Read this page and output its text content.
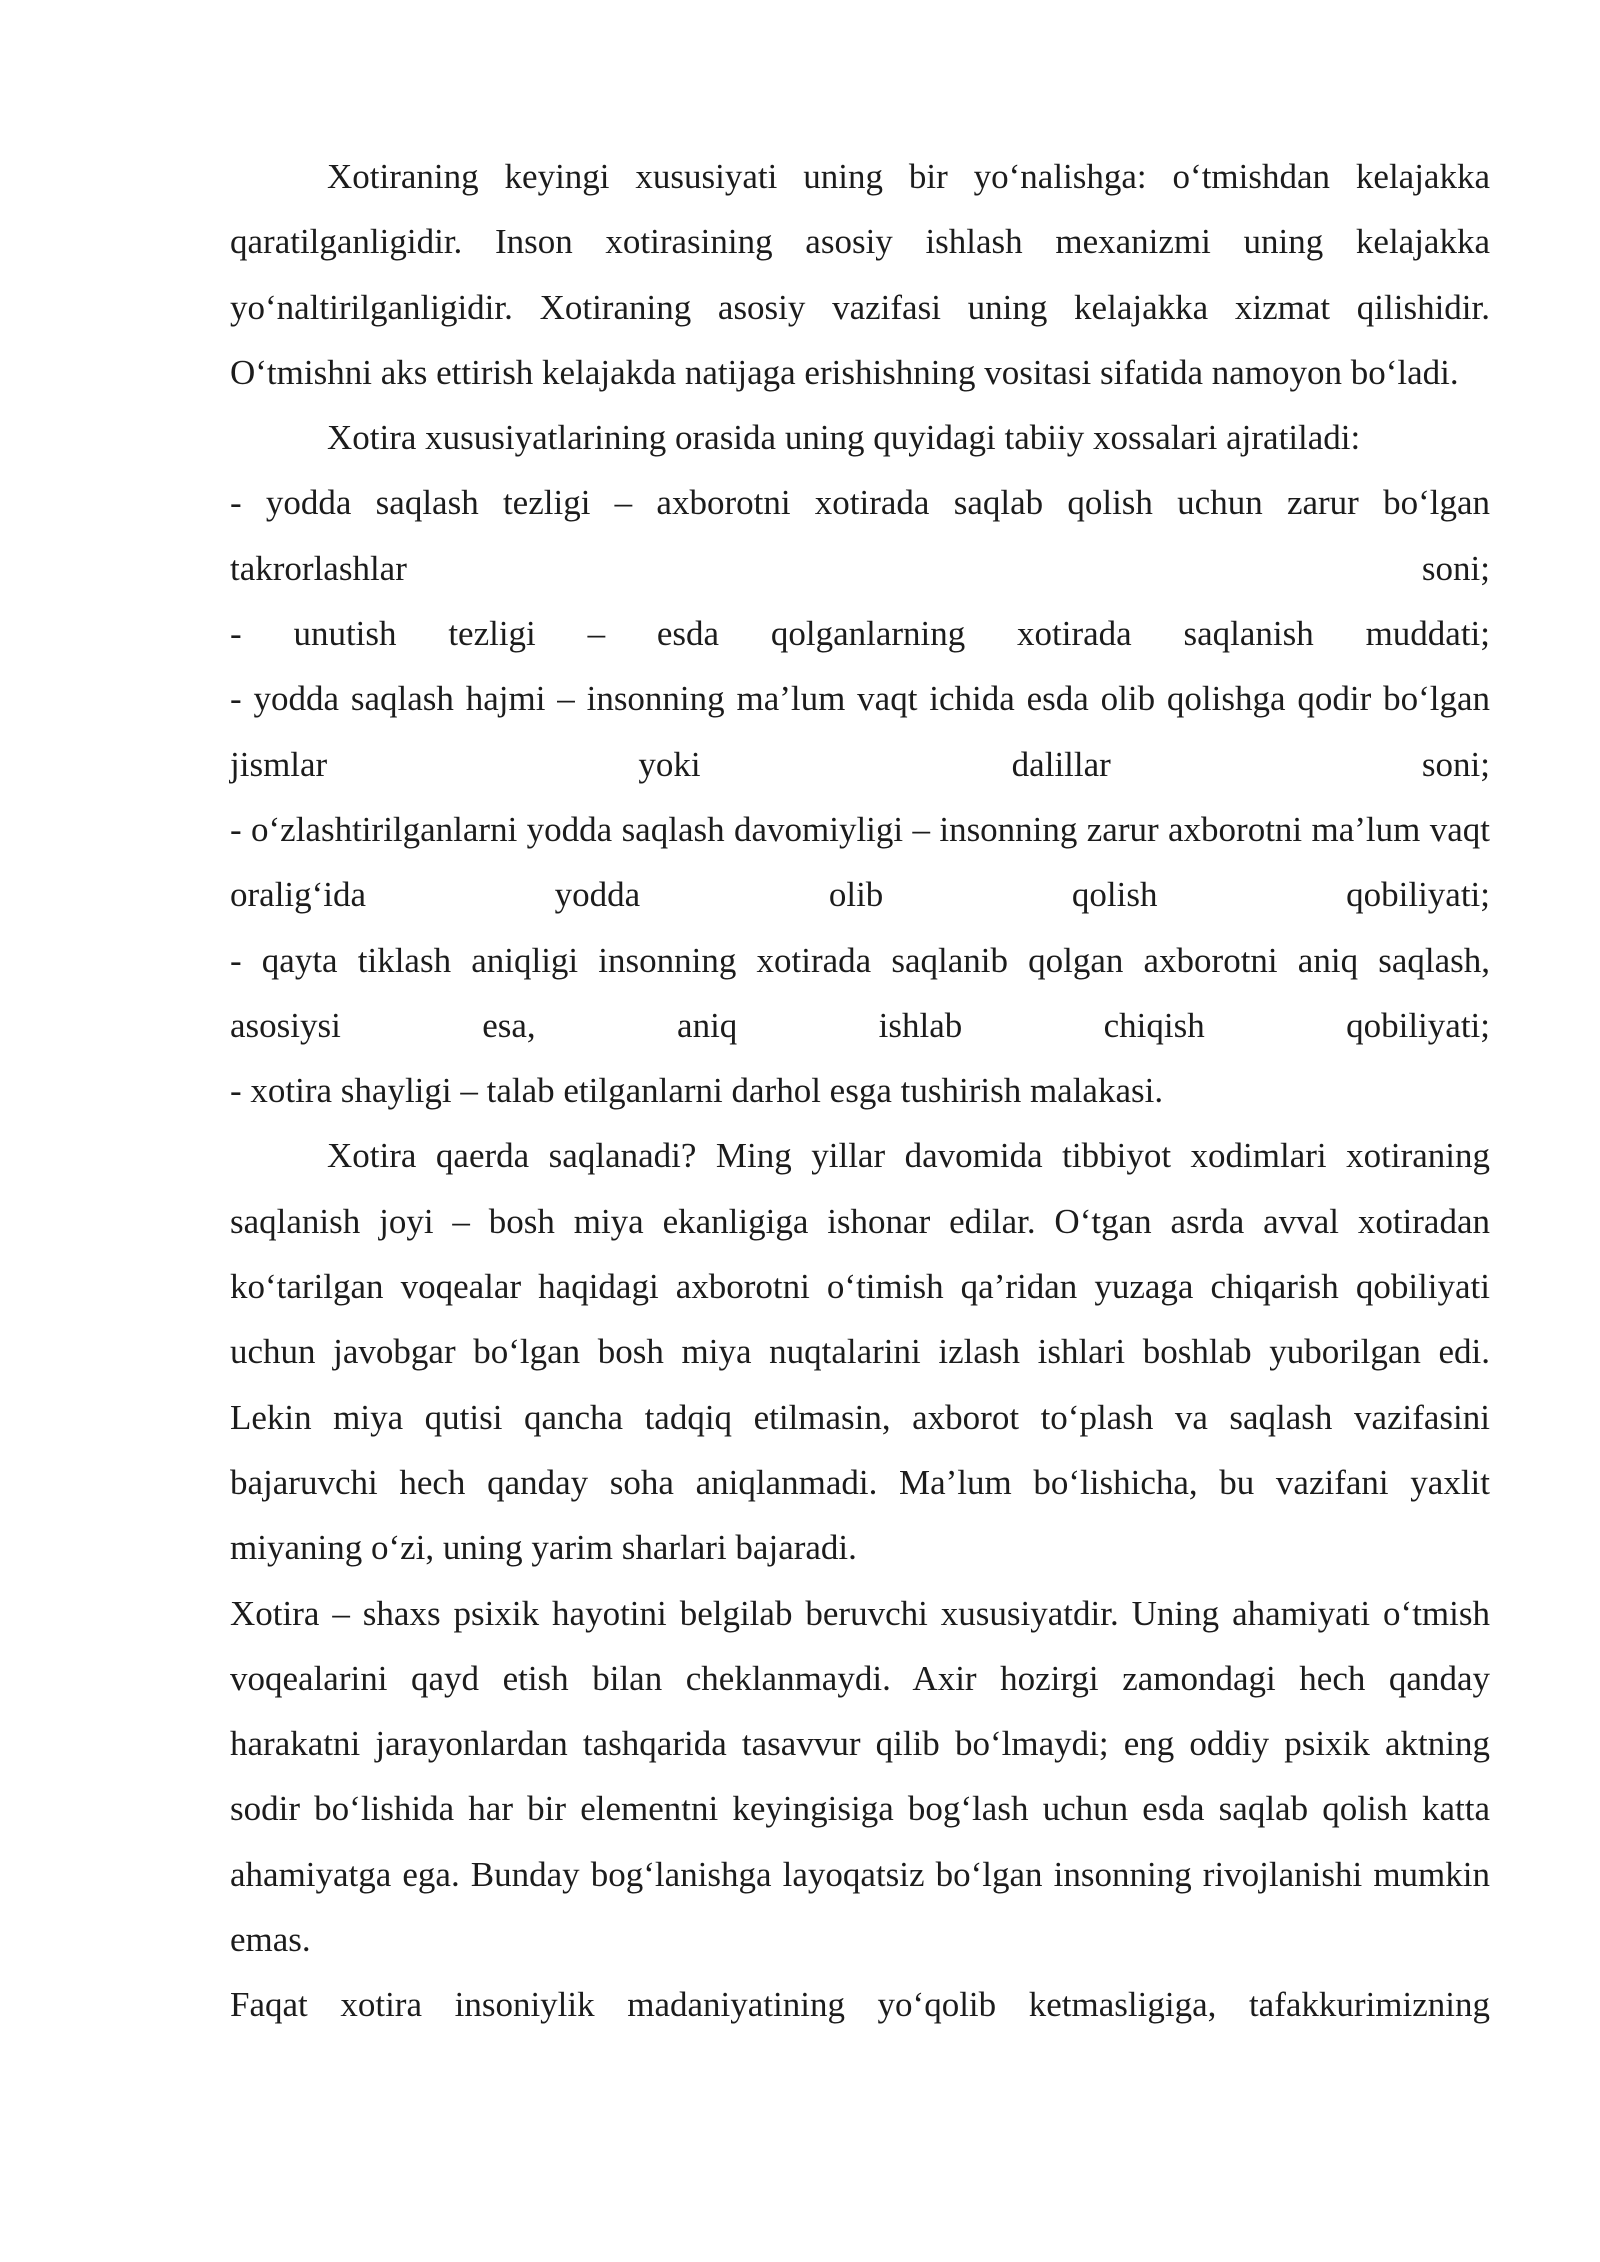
Xotiraning keyingi xususiyati uning bir yo‘nalishga: o‘tmishdan kelajakka qaratilganligidir. Inson xotirasining asosiy ishlash mexanizmi uning kelajakka yo‘naltirilganligidir. Xotiraning asosiy vazifasi uning kelajakka xizmat qilishidir. O‘tmishni aks ettirish kelajakda natijaga erishishning vositasi sifatida namoyon bo‘ladi.

Xotira xususiyatlarining orasida uning quyidagi tabiiy xossalari ajratiladi:

- yodda saqlash tezligi – axborotni xotirada saqlab qolish uchun zarur bo‘lgan takrorlashlar soni;

- unutish tezligi – esda qolganlarning xotirada saqlanish muddati;

- yodda saqlash hajmi – insonning ma’lum vaqt ichida esda olib qolishga qodir bo‘lgan jismlar yoki dalillar soni;

- o‘zlashtirilganlarni yodda saqlash davomiyligi – insonning zarur axborotni ma’lum vaqt oralig‘ida yodda olib qolish qobiliyati;

- qayta tiklash aniqligi insonning xotirada saqlanib qolgan axborotni aniq saqlash, asosiysi esa, aniq ishlab chiqish qobiliyati;

- xotira shayligi – talab etilganlarni darhol esga tushirish malakasi.

Xotira qaerda saqlanadi? Ming yillar davomida tibbiyot xodimlari xotiraning saqlanish joyi – bosh miya ekanligiga ishonar edilar. O‘tgan asrda avval xotiradan ko‘tarilgan voqealar haqidagi axborotni o‘timish qa’ridan yuzaga chiqarish qobiliyati uchun javobgar bo‘lgan bosh miya nuqtalarini izlash ishlari boshlab yuborilgan edi. Lekin miya qutisi qancha tadqiq etilmasin, axborot to‘plash va saqlash vazifasini bajaruvchi hech qanday soha aniqlanmadi. Ma’lum bo‘lishicha, bu vazifani yaxlit miyaning o‘zi, uning yarim sharlari bajaradi.

Xotira – shaxs psixik hayotini belgilab beruvchi xususiyatdir. Uning ahamiyati o‘tmish voqealarini qayd etish bilan cheklanmaydi. Axir hozirgi zamondagi hech qanday harakatni jarayonlardan tashqarida tasavvur qilib bo‘lmaydi; eng oddiy psixik aktning sodir bo‘lishida har bir elementni keyingisiga bog‘lash uchun esda saqlab qolish katta ahamiyatga ega. Bunday bog‘lanishga layoqatsiz bo‘lgan insonning rivojlanishi mumkin emas.

Faqat xotira insoniylik madaniyatining yo‘qolib ketmasligiga, tafakkurimizning
